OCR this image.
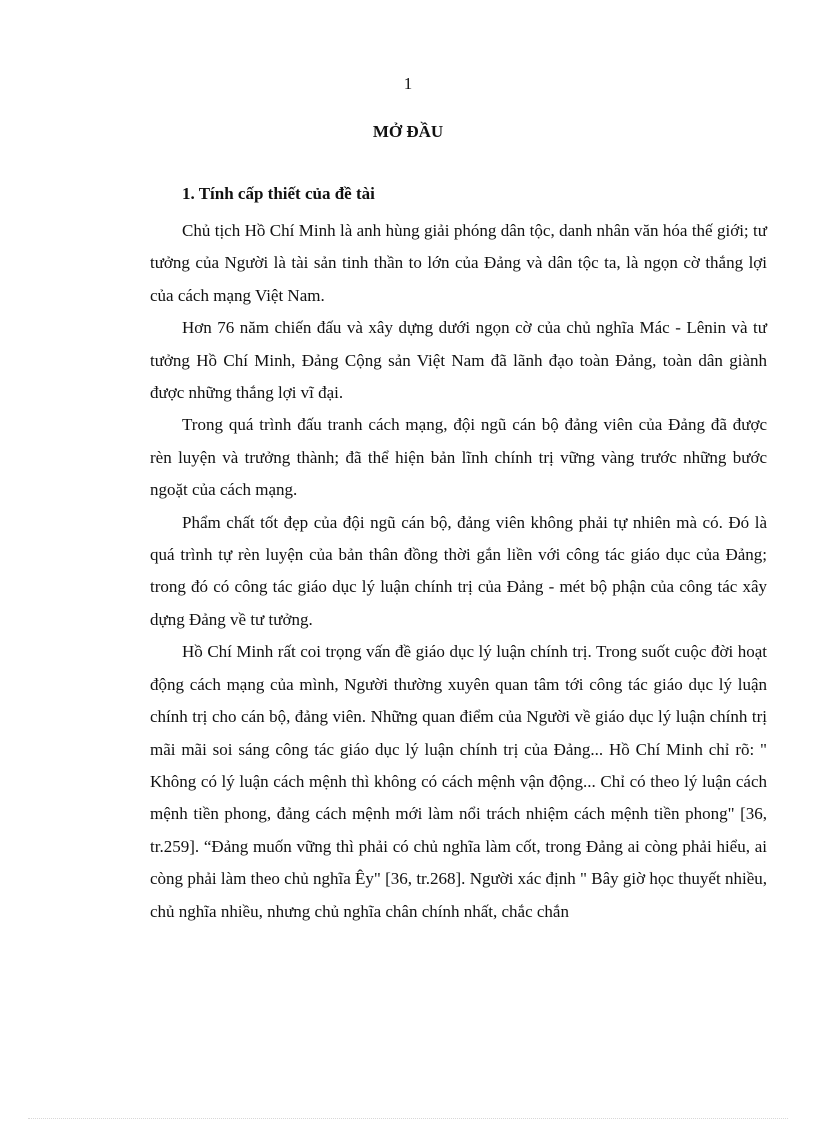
1
MỞ ĐẦU
1. Tính cấp thiết của đề tài

Chủ tịch Hồ Chí Minh là anh hùng giải phóng dân tộc, danh nhân văn hóa thế giới; tư tưởng của Người là tài sản tinh thần to lớn của Đảng và dân tộc ta, là ngọn cờ thắng lợi của cách mạng Việt Nam.

Hơn 76 năm chiến đấu và xây dựng dưới ngọn cờ của chủ nghĩa Mác - Lênin và tư tưởng Hồ Chí Minh, Đảng Cộng sản Việt Nam đã lãnh đạo toàn Đảng, toàn dân giành được những thắng lợi vĩ đại.

Trong quá trình đấu tranh cách mạng, đội ngũ cán bộ đảng viên của Đảng đã được rèn luyện và trưởng thành; đã thể hiện bản lĩnh chính trị vững vàng trước những bước ngoặt của cách mạng.

Phẩm chất tốt đẹp của đội ngũ cán bộ, đảng viên không phải tự nhiên mà có. Đó là quá trình tự rèn luyện của bản thân đồng thời gắn liền với công tác giáo dục của Đảng; trong đó có công tác giáo dục lý luận chính trị của Đảng - mét bộ phận của công tác xây dựng Đảng về tư tưởng.

Hồ Chí Minh rất coi trọng vấn đề giáo dục lý luận chính trị. Trong suốt cuộc đời hoạt động cách mạng của mình, Người thường xuyên quan tâm tới công tác giáo dục lý luận chính trị cho cán bộ, đảng viên. Những quan điểm của Người về giáo dục lý luận chính trị mãi mãi soi sáng công tác giáo dục lý luận chính trị của Đảng... Hồ Chí Minh chỉ rõ: " Không có lý luận cách mệnh thì không có cách mệnh vận động... Chỉ có theo lý luận cách mệnh tiền phong, đảng cách mệnh mới làm nổi trách nhiệm cách mệnh tiền phong" [36, tr.259]. “Đảng muốn vững thì phải có chủ nghĩa làm cốt, trong Đảng ai còng phải hiểu, ai còng phải làm theo chủ nghĩa Êy" [36, tr.268]. Người xác định " Bây giờ học thuyết nhiều, chủ nghĩa nhiều, nhưng chủ nghĩa chân chính nhất, chắc chắn
